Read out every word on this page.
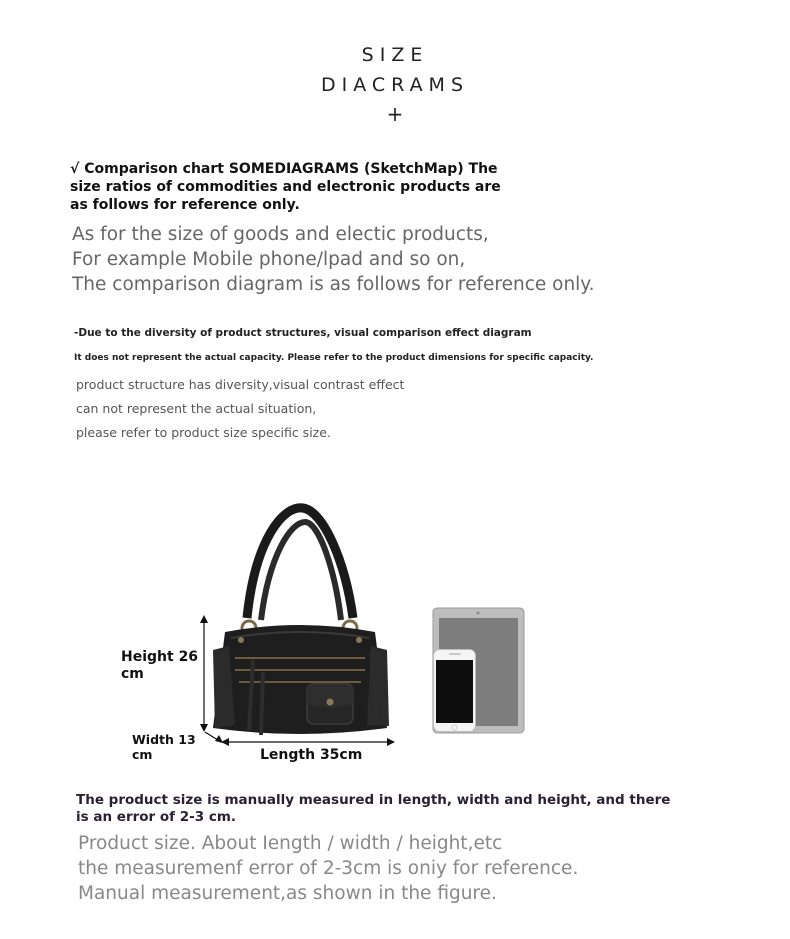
SIZE
DIACRAMS
+
√ Comparison chart SOMEDIAGRAMS (SketchMap) The size ratios of commodities and electronic products are as follows for reference only.
As for the size of goods and electic products,
For example Mobile phone/lpad and so on,
The comparison diagram is as follows for reference only.
-Due to the diversity of product structures, visual comparison effect diagram
It does not represent the actual capacity. Please refer to the product dimensions for specific capacity.
product structure has diversity,visual contrast effect
can not represent the actual situation,
please refer to product size specific size.
Height 26 cm
Width 13 cm	Length 35cm
The product size is manually measured in length, width and height, and there is an error of 2-3 cm.
Product size. About Iength / width / height,etc
the measuremenf error of 2-3cm is oniy for reference.
Manual measurement,as shown in the figure.
